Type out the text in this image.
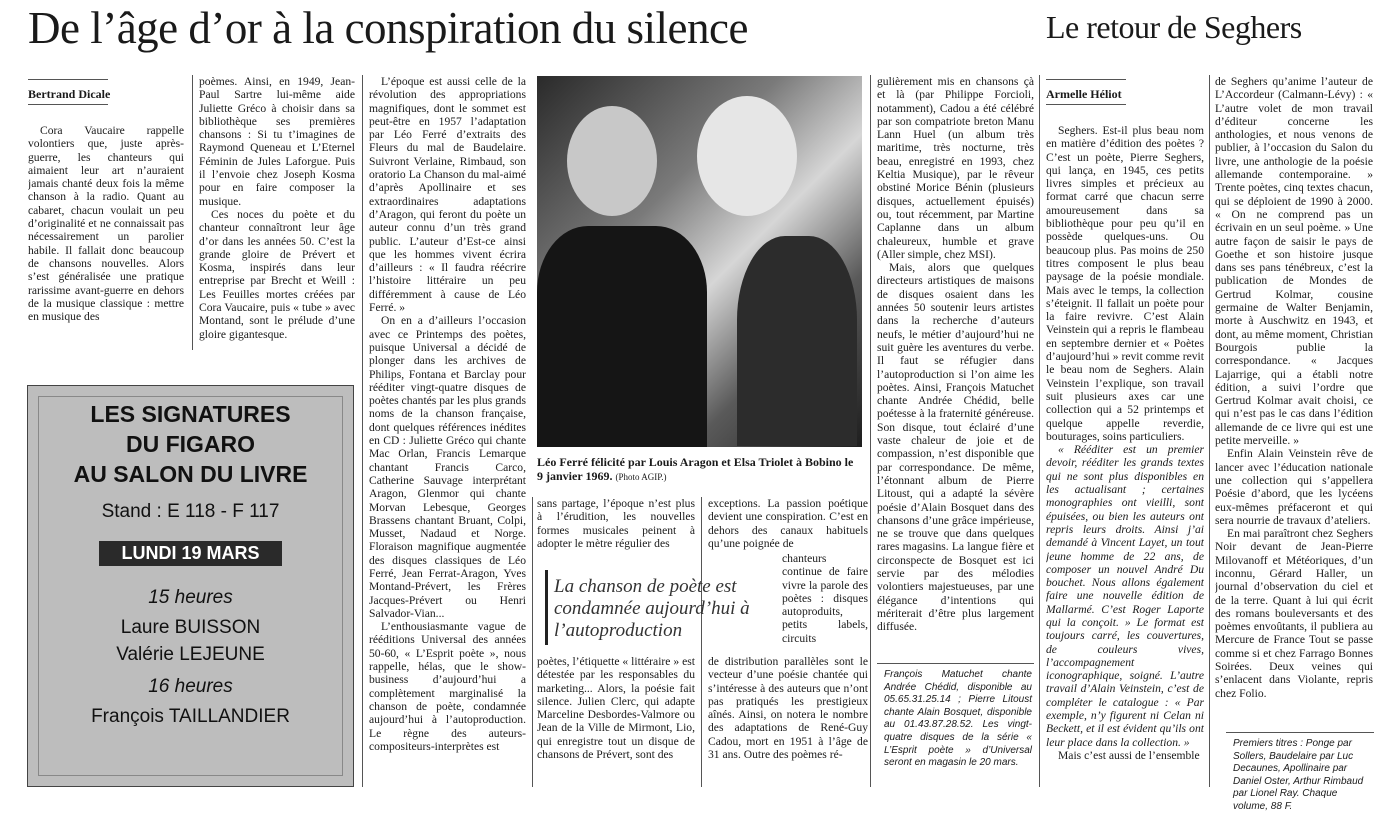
De l’âge d’or à la conspiration du silence
Bertrand Dicale

Cora Vaucaire rappelle volontiers que, juste après-guerre, les chanteurs qui aimaient leur art n’auraient jamais chanté deux fois la même chanson à la radio. Quant au cabaret, chacun voulait un peu d’originalité et ne connaissait pas nécessairement un parolier habile. Il fallait donc beaucoup de chansons nouvelles. Alors s’est généralisée une pratique rarissime avant-guerre en dehors de la musique classique : mettre en musique des

poèmes. Ainsi, en 1949, Jean-Paul Sartre lui-même aide Juliette Gréco à choisir dans sa bibliothèque ses premières chansons : Si tu t’imagines de Raymond Queneau et L’Eternel Féminin de Jules Laforgue. Puis il l’envoie chez Joseph Kosma pour en faire composer la musique.

Ces noces du poète et du chanteur connaîtront leur âge d’or dans les années 50. C’est la grande gloire de Prévert et Kosma, inspirés dans leur entreprise par Brecht et Weill : Les Feuilles mortes créées par Cora Vaucaire, puis « tube » avec Montand, sont le prélude d’une gloire gigantesque.

L’époque est aussi celle de la révolution des appropriations magnifiques, dont le sommet est peut-être en 1957 l’adaptation par Léo Ferré d’extraits des Fleurs du mal de Baudelaire. Suivront Verlaine, Rimbaud, son oratorio La Chanson du mal-aimé d’après Apollinaire et ses extraordinaires adaptations d’Aragon, qui feront du poète un auteur connu d’un très grand public. L’auteur d’Est-ce ainsi que les hommes vivent écrira d’ailleurs : « Il faudra réécrire l’histoire littéraire un peu différemment à cause de Léo Ferré. »

On en a d’ailleurs l’occasion avec ce Printemps des poètes, puisque Universal a décidé de plonger dans les archives de Philips, Fontana et Barclay pour rééditer vingt-quatre disques de poètes chantés par les plus grands noms de la chanson française, dont quelques références inédites en CD : Juliette Gréco qui chante Mac Orlan, Francis Lemarque chantant Francis Carco, Catherine Sauvage interprétant Aragon, Glenmor qui chante Morvan Lebesque, Georges Brassens chantant Bruant, Colpi, Musset, Nadaud et Norge. Floraison magnifique augmentée des disques classiques de Léo Ferré, Jean Ferrat-Aragon, Yves Montand-Prévert, les Frères Jacques-Prévert ou Henri Salvador-Vian...

L’enthousiasmante vague de rééditions Universal des années 50-60, « L’Esprit poète », nous rappelle, hélas, que le show-business d’aujourd’hui a complètement marginalisé la chanson de poète, condamnée aujourd’hui à l’autoproduction. Le règne des auteurs-compositeurs-interprètes est

Léo Ferré félicité par Louis Aragon et Elsa Triolet à Bobino le 9 janvier 1969. (Photo AGIP.)

sans partage, l’époque n’est plus à l’érudition, les nouvelles formes musicales peinent à adopter le mètre régulier des

exceptions. La passion poétique devient une conspiration. C’est en dehors des canaux habituels qu’une poignée de

La chanson de poète est condamnée aujourd’hui à l’autoproduction

chanteurs continue de faire vivre la parole des poètes : disques autoproduits, petits labels, circuits

poètes, l’étiquette « littéraire » est détestée par les responsables du marketing... Alors, la poésie fait silence. Julien Clerc, qui adapte Marceline Desbordes-Valmore ou Jean de la Ville de Mirmont, Lio, qui enregistre tout un disque de chansons de Prévert, sont des

de distribution parallèles sont le vecteur d’une poésie chantée qui s’intéresse à des auteurs que n’ont pas pratiqués les prestigieux aînés. Ainsi, on notera le nombre des adaptations de René-Guy Cadou, mort en 1951 à l’âge de 31 ans. Outre des poèmes ré-

gulièrement mis en chansons çà et là (par Philippe Forcioli, notamment), Cadou a été célébré par son compatriote breton Manu Lann Huel (un album très maritime, très nocturne, très beau, enregistré en 1993, chez Keltia Musique), par le rêveur obstiné Morice Bénin (plusieurs disques, actuellement épuisés) ou, tout récemment, par Martine Caplanne dans un album chaleureux, humble et grave (Aller simple, chez MSI).

Mais, alors que quelques directeurs artistiques de maisons de disques osaient dans les années 50 soutenir leurs artistes dans la recherche d’auteurs neufs, le métier d’aujourd’hui ne suit guère les aventures du verbe. Il faut se réfugier dans l’autoproduction si l’on aime les poètes. Ainsi, François Matuchet chante Andrée Chédid, belle poétesse à la fraternité généreuse. Son disque, tout éclairé d’une vaste chaleur de joie et de compassion, n’est disponible que par correspondance. De même, l’étonnant album de Pierre Litoust, qui a adapté la sévère poésie d’Alain Bosquet dans des chansons d’une grâce impérieuse, ne se trouve que dans quelques rares magasins. La langue fière et circonspecte de Bosquet est ici servie par des mélodies volontiers majestueuses, par une élégance d’intentions qui mériterait d’être plus largement diffusée.

François Matuchet chante Andrée Chédid, disponible au 05.65.31.25.14 ; Pierre Litoust chante Alain Bosquet, disponible au 01.43.87.28.52. Les vingt-quatre disques de la série « L’Esprit poète » d’Universal seront en magasin le 20 mars.
LES SIGNATURES
DU FIGARO
AU SALON DU LIVRE
Stand : E 118 - F 117
LUNDI 19 MARS
15 heures
Laure BUISSON
Valérie LEJEUNE
16 heures
François TAILLANDIER
Le retour de Seghers
Armelle Héliot

Seghers. Est-il plus beau nom en matière d’édition des poètes ? C’est un poète, Pierre Seghers, qui lança, en 1945, ces petits livres simples et précieux au format carré que chacun serre amoureusement dans sa bibliothèque pour peu qu’il en possède quelques-uns. Ou beaucoup plus. Pas moins de 250 titres composent le plus beau paysage de la poésie mondiale. Mais avec le temps, la collection s’éteignit. Il fallait un poète pour la faire revivre. C’est Alain Veinstein qui a repris le flambeau en septembre dernier et « Poètes d’aujourd’hui » revit comme revit le beau nom de Seghers. Alain Veinstein l’explique, son travail suit plusieurs axes car une collection qui a 52 printemps et quelque appelle reverdie, bouturages, soins particuliers.

« Rééditer est un premier devoir, rééditer les grands textes qui ne sont plus disponibles en les actualisant ; certaines monographies ont vieilli, sont épuisées, ou bien les auteurs ont repris leurs droits. Ainsi j’ai demandé à Vincent Layet, un tout jeune homme de 22 ans, de composer un nouvel André Du bouchet. Nous allons également faire une nouvelle édition de Mallarmé. C’est Roger Laporte qui la conçoit. » Le format est toujours carré, les couvertures, de couleurs vives, l’accompagnement iconographique, soigné. L’autre travail d’Alain Veinstein, c’est de compléter le catalogue : « Par exemple, n’y figurent ni Celan ni Beckett, et il est évident qu’ils ont leur place dans la collection. »

Mais c’est aussi de l’ensemble

de Seghers qu’anime l’auteur de L’Accordeur (Calmann-Lévy) : « L’autre volet de mon travail d’éditeur concerne les anthologies, et nous venons de publier, à l’occasion du Salon du livre, une anthologie de la poésie allemande contemporaine. » Trente poètes, cinq textes chacun, qui se déploient de 1990 à 2000. « On ne comprend pas un écrivain en un seul poème. » Une autre façon de saisir le pays de Goethe et son histoire jusque dans ses pans ténébreux, c’est la publication de Mondes de Gertrud Kolmar, cousine germaine de Walter Benjamin, morte à Auschwitz en 1943, et dont, au même moment, Christian Bourgois publie la correspondance. « Jacques Lajarrige, qui a établi notre édition, a suivi l’ordre que Gertrud Kolmar avait choisi, ce qui n’est pas le cas dans l’édition allemande de ce livre qui est une petite merveille. »

Enfin Alain Veinstein rêve de lancer avec l’éducation nationale une collection qui s’appellera Poésie d’abord, que les lycéens eux-mêmes préfaceront et qui sera nourrie de travaux d’ateliers.

En mai paraîtront chez Seghers Noir devant de Jean-Pierre Milovanoff et Météoriques, d’un inconnu, Gérard Haller, un journal d’observation du ciel et de la terre. Quant à lui qui écrit des romans bouleversants et des poèmes envoûtants, il publiera au Mercure de France Tout se passe comme si et chez Farrago Bonnes Soirées. Deux veines qui s’enlacent dans Violante, repris chez Folio.

Premiers titres : Ponge par Sollers, Baudelaire par Luc Decaunes, Apollinaire par Daniel Oster, Arthur Rimbaud par Lionel Ray. Chaque volume, 88 F.
